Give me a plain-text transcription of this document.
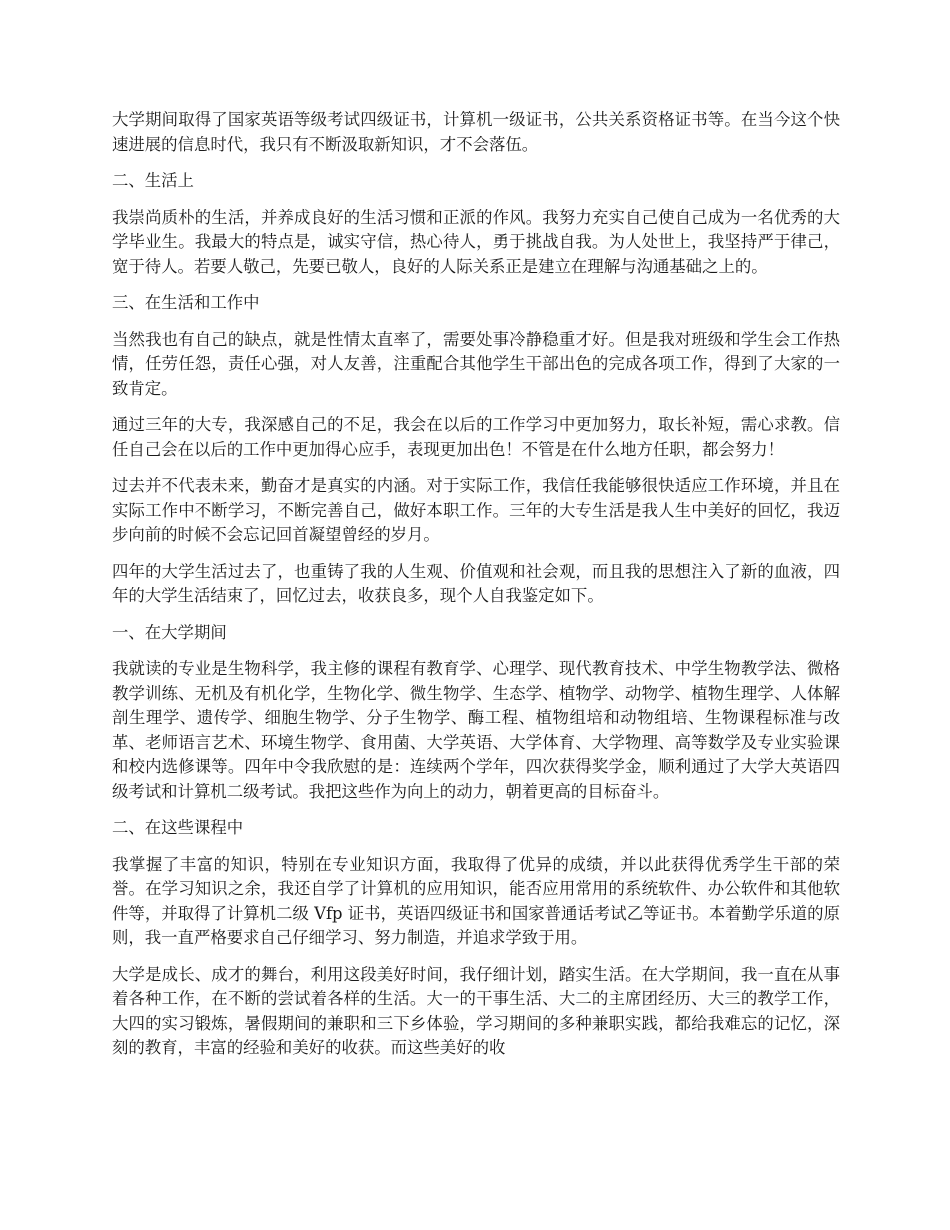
大学期间取得了国家英语等级考试四级证书，计算机一级证书，公共关系资格证书等。在当今这个快速进展的信息时代，我只有不断汲取新知识，才不会落伍。

二、生活上

我崇尚质朴的生活，并养成良好的生活习惯和正派的作风。我努力充实自己使自己成为一名优秀的大学毕业生。我最大的特点是，诚实守信，热心待人，勇于挑战自我。为人处世上，我坚持严于律己，宽于待人。若要人敬己，先要已敬人，良好的人际关系正是建立在理解与沟通基础之上的。

三、在生活和工作中

当然我也有自己的缺点，就是性情太直率了，需要处事冷静稳重才好。但是我对班级和学生会工作热情，任劳任怨，责任心强，对人友善，注重配合其他学生干部出色的完成各项工作，得到了大家的一致肯定。

通过三年的大专，我深感自己的不足，我会在以后的工作学习中更加努力，取长补短，需心求教。信任自己会在以后的工作中更加得心应手，表现更加出色！不管是在什么地方任职，都会努力！

过去并不代表未来，勤奋才是真实的内涵。对于实际工作，我信任我能够很快适应工作环境，并且在实际工作中不断学习，不断完善自己，做好本职工作。三年的大专生活是我人生中美好的回忆，我迈步向前的时候不会忘记回首凝望曾经的岁月。

四年的大学生活过去了，也重铸了我的人生观、价值观和社会观，而且我的思想注入了新的血液，四年的大学生活结束了，回忆过去，收获良多，现个人自我鉴定如下。

一、在大学期间

我就读的专业是生物科学，我主修的课程有教育学、心理学、现代教育技术、中学生物教学法、微格教学训练、无机及有机化学，生物化学、微生物学、生态学、植物学、动物学、植物生理学、人体解剖生理学、遗传学、细胞生物学、分子生物学、酶工程、植物组培和动物组培、生物课程标准与改革、老师语言艺术、环境生物学、食用菌、大学英语、大学体育、大学物理、高等数学及专业实验课和校内选修课等。四年中令我欣慰的是：连续两个学年，四次获得奖学金，顺利通过了大学大英语四级考试和计算机二级考试。我把这些作为向上的动力，朝着更高的目标奋斗。

二、在这些课程中

我掌握了丰富的知识，特别在专业知识方面，我取得了优异的成绩，并以此获得优秀学生干部的荣誉。在学习知识之余，我还自学了计算机的应用知识，能否应用常用的系统软件、办公软件和其他软件等，并取得了计算机二级 Vfp 证书，英语四级证书和国家普通话考试乙等证书。本着勤学乐道的原则，我一直严格要求自己仔细学习、努力制造，并追求学致于用。

大学是成长、成才的舞台，利用这段美好时间，我仔细计划，踏实生活。在大学期间，我一直在从事着各种工作，在不断的尝试着各样的生活。大一的干事生活、大二的主席团经历、大三的教学工作，大四的实习锻炼，暑假期间的兼职和三下乡体验，学习期间的多种兼职实践，都给我难忘的记忆，深刻的教育，丰富的经验和美好的收获。而这些美好的收
